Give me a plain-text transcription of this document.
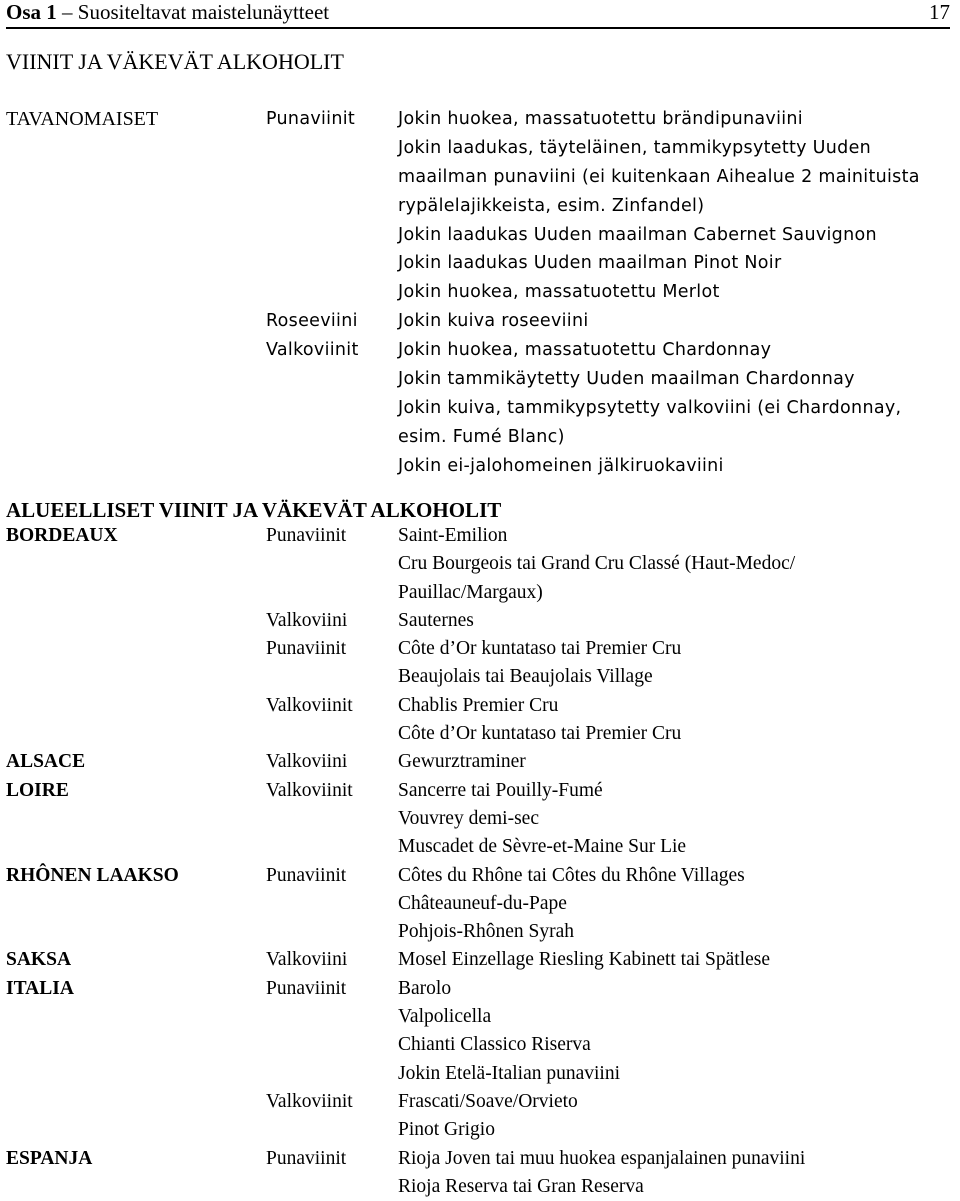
Osa 1 – Suositeltavat maistelunäytteet	17
VIINIT JA VÄKEVÄT ALKOHOLIT
TAVANOMAISET	Punaviinit Jokin huokea, massatuotettu brändipunaviini
Jokin laadukas, täyteläinen, tammikypsytetty Uuden
maailman punaviini (ei kuitenkaan Aihealue 2 mainituista
rypälelajikkeista, esim. Zinfandel)
Jokin laadukas Uuden maailman Cabernet Sauvignon
Jokin laadukas Uuden maailman Pinot Noir
Jokin huokea, massatuotettu Merlot
Roseeviini Jokin kuiva roseeviini
Valkoviinit Jokin huokea, massatuotettu Chardonnay
Jokin tammikäytetty Uuden maailman Chardonnay
Jokin kuiva, tammikypsytetty valkoviini (ei Chardonnay,
esim. Fumé Blanc)
Jokin ei-jalohomeinen jälkiruokaviini
ALUEELLISET VIINIT JA VÄKEVÄT ALKOHOLIT
BORDEAUX	Punaviinit	Saint-Emilion
Cru Bourgeois tai Grand Cru Classé (Haut-Medoc/
Pauillac/Margaux)
Valkoviini	Sauternes
Punaviinit	Côte d’Or kuntataso tai Premier Cru
Beaujolais tai Beaujolais Village
Valkoviinit Chablis Premier Cru
Côte d’Or kuntataso tai Premier Cru
ALSACE	Valkoviini	Gewurztraminer
LOIRE	Valkoviinit Sancerre tai Pouilly-Fumé
Vouvrey demi-sec
Muscadet de Sèvre-et-Maine Sur Lie
RHÔNEN LAAKSO	Punaviinit	Côtes du Rhône tai Côtes du Rhône Villages
Châteauneuf-du-Pape
Pohjois-Rhônen Syrah
SAKSA	Valkoviini	Mosel Einzellage Riesling Kabinett tai Spätlese
ITALIA	Punaviinit	Barolo
Valpolicella
Chianti Classico Riserva
Jokin Etelä-Italian punaviini
Valkoviinit Frascati/Soave/Orvieto
Pinot Grigio
ESPANJA	Punaviinit	Rioja Joven tai muu huokea espanjalainen punaviini
Rioja Reserva tai Gran Reserva
